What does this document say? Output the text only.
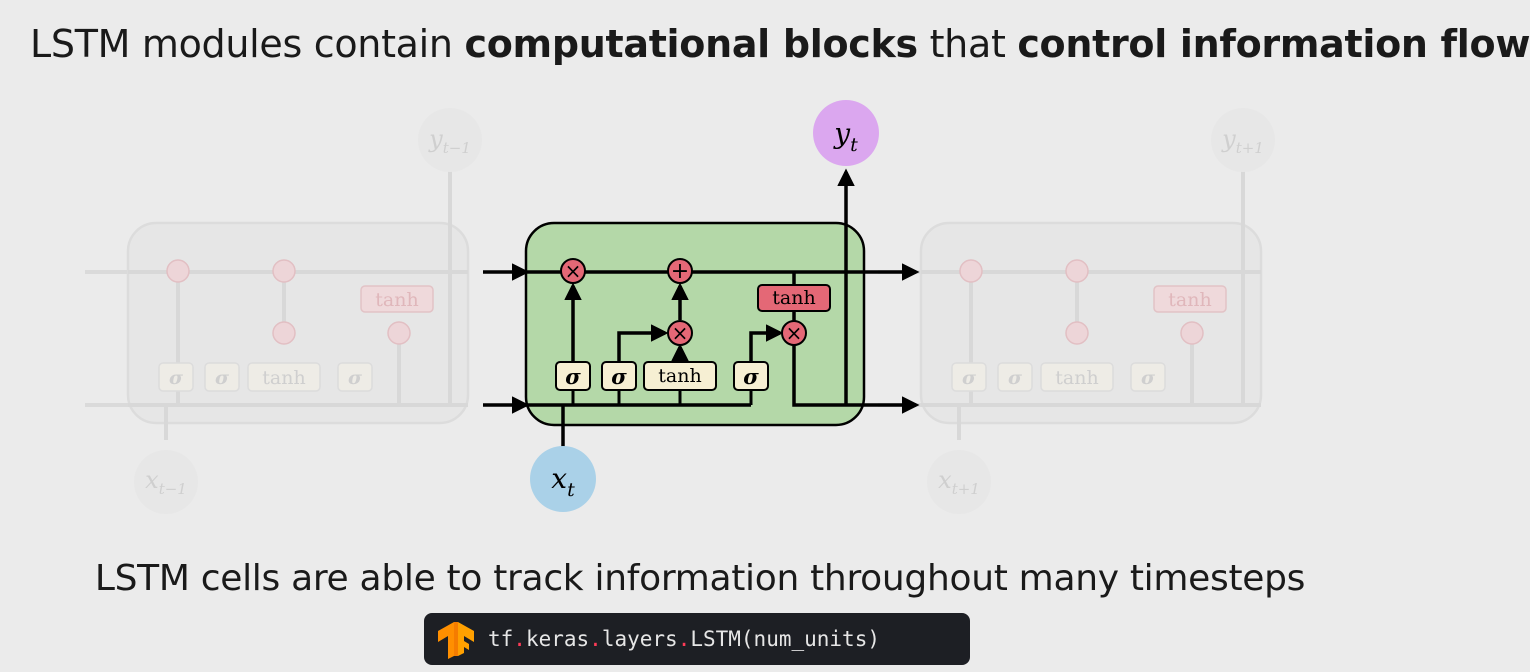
LSTM modules contain computational blocks that control information flow
σ σ tanh σ
tanh
$y_{t-1}$
$x_{t-1}$
σ σ tanh σ
tanh
$y_{t+1}$
$x_{t+1}$
×	+
×	×
tanh
σ σ tanh σ
$y_t$
$x_t$
LSTM cells are able to track information throughout many timesteps
tf.keras.layers.LSTM(num_units)
